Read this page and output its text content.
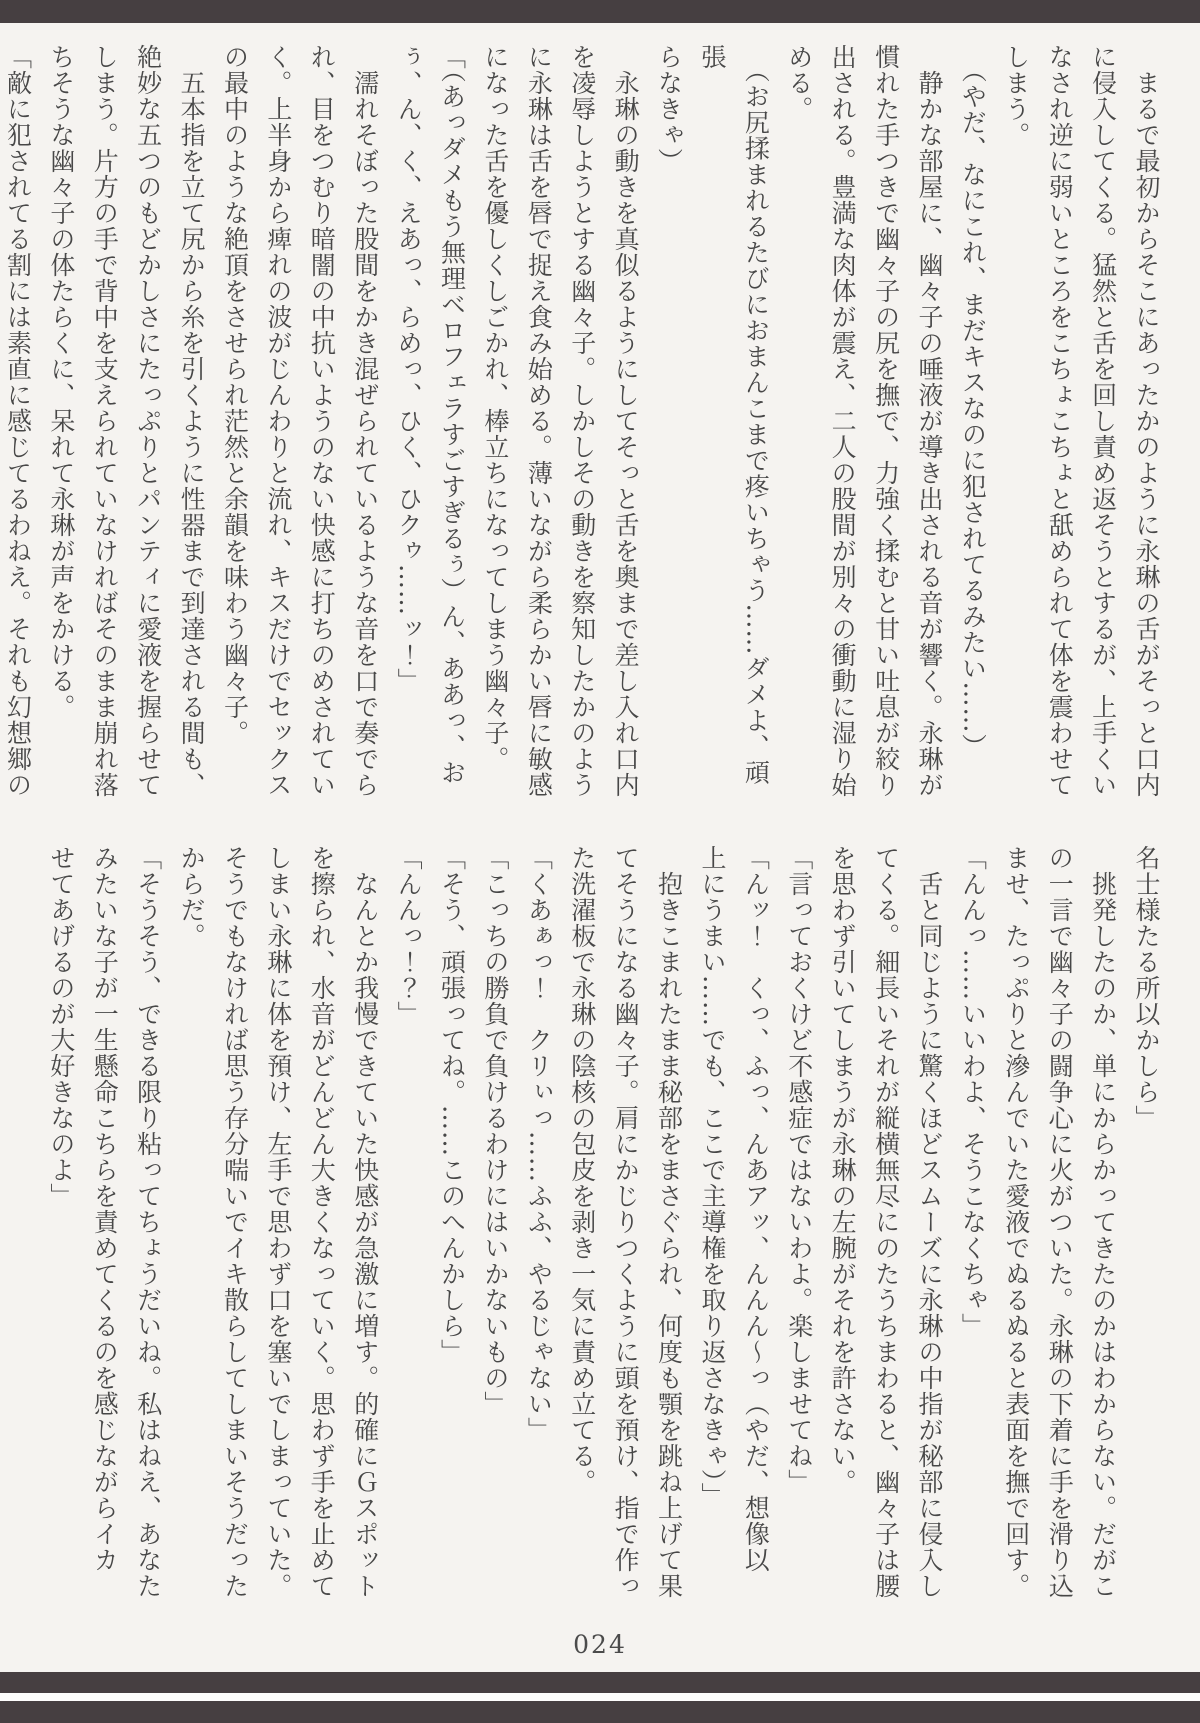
　まるで最初からそこにあったかのように永琳の舌がそっと口内
に侵入してくる。猛然と舌を回し責め返そうとするが、上手くい
なされ逆に弱いところをこちょこちょと舐められて体を震わせて
しまう。
　（やだ、なにこれ、まだキスなのに犯されてるみたい……）
　静かな部屋に、幽々子の唾液が導き出される音が響く。永琳が
慣れた手つきで幽々子の尻を撫で、力強く揉むと甘い吐息が絞り
出される。豊満な肉体が震え、二人の股間が別々の衝動に湿り始
める。
　（お尻揉まれるたびにおまんこまで疼いちゃう……ダメよ、頑張
らなきゃ）
　永琳の動きを真似るようにしてそっと舌を奥まで差し入れ口内
を凌辱しようとする幽々子。しかしその動きを察知したかのよう
に永琳は舌を唇で捉え食み始める。薄いながら柔らかい唇に敏感
になった舌を優しくしごかれ、棒立ちになってしまう幽々子。
「（あっダメもう無理ベロフェラすごすぎるぅ）ん、ああっ、お
ぅ、ん、く、えあっ、らめっ、ひく、ひクゥ……ッ！」
　濡れそぼった股間をかき混ぜられているような音を口で奏でら
れ、目をつむり暗闇の中抗いようのない快感に打ちのめされてい
く。上半身から痺れの波がじんわりと流れ、キスだけでセックス
の最中のような絶頂をさせられ茫然と余韻を味わう幽々子。
　五本指を立て尻から糸を引くように性器まで到達される間も、
絶妙な五つのもどかしさにたっぷりとパンティに愛液を握らせて
しまう。片方の手で背中を支えられていなければそのまま崩れ落
ちそうな幽々子の体たらくに、呆れて永琳が声をかける。
「敵に犯されてる割には素直に感じてるわねえ。それも幻想郷の
名士様たる所以かしら」
　挑発したのか、単にからかってきたのかはわからない。だがこ
の一言で幽々子の闘争心に火がついた。永琳の下着に手を滑り込
ませ、たっぷりと滲んでいた愛液でぬるぬると表面を撫で回す。
「んんっ……いいわよ、そうこなくちゃ」
　舌と同じように驚くほどスムーズに永琳の中指が秘部に侵入し
てくる。細長いそれが縦横無尽にのたうちまわると、幽々子は腰
を思わず引いてしまうが永琳の左腕がそれを許さない。
「言っておくけど不感症ではないわよ。楽しませてね」
「んッ！　くっ、ふっ、んあアッ、んんん～っ（やだ、想像以
上にうまい……でも、ここで主導権を取り返さなきゃ）」
　抱きこまれたまま秘部をまさぐられ、何度も顎を跳ね上げて果
てそうになる幽々子。肩にかじりつくように頭を預け、指で作っ
た洗濯板で永琳の陰核の包皮を剥き一気に責め立てる。
「くあぁっ！　クリぃっ……ふふ、やるじゃない」
「こっちの勝負で負けるわけにはいかないもの」
「そう、頑張ってね。……このへんかしら」
「んんっ！？」
　なんとか我慢できていた快感が急激に増す。的確にＧスポット
を擦られ、水音がどんどん大きくなっていく。思わず手を止めて
しまい永琳に体を預け、左手で思わず口を塞いでしまっていた。
そうでもなければ思う存分喘いでイキ散らしてしまいそうだった
からだ。
「そうそう、できる限り粘ってちょうだいね。私はねえ、あなた
みたいな子が一生懸命こちらを責めてくるのを感じながらイカ
せてあげるのが大好きなのよ」
024
